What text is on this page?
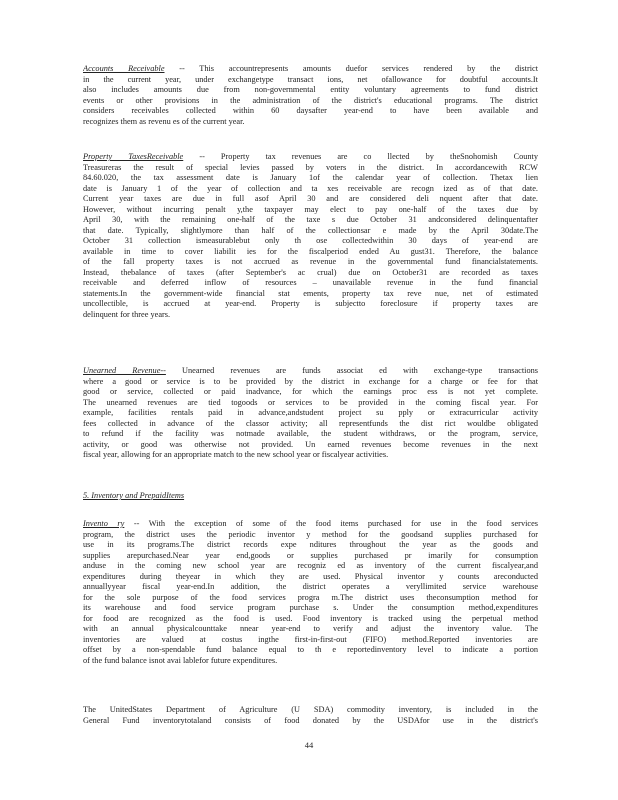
Accounts Receivable -- This accountrepresents amounts duefor services rendered by the district
in the current year, under exchangetype transact ions, net ofallowance for doubtful accounts.It
also includes amounts due from non-governmental entity voluntary agreements to fund district
events or other provisions in the administration of the district's educational programs. The district
considers receivables collected within 60 daysafter year-end to have been available and
recognizes them as revenu es of the current year.
Property TaxesReceivable -- Property tax revenues are co llected by theSnohomish County
Treasureras the result of special levies passed by voters in the district. In accordancewith RCW
84.60.020, the tax assessment date is January 1of the calendar year of collection. Thetax lien
date is January 1 of the year of collection and ta xes receivable are recogn ized as of that date.
Current year taxes are due in full asof April 30 and are considered deli nquent after that date.
However, without incurring penalt y,the taxpayer may elect to pay one-half of the taxes due by
April 30, with the remaining one-half of the taxe s due October 31 andconsidered delinquentafter
that date. Typically, slightlymore than half of the collectionsar e made by the April 30date.The
October 31 collection ismeasurablebut only th ose collectedwithin 30 days of year-end are
available in time to cover liabilit ies for the fiscalperiod ended Au gust31. Therefore, the balance
of the fall property taxes is not accrued as revenue in the governmental fund financialstatements.
Instead, thebalance of taxes (after September's ac crual) due on October31 are recorded as taxes
receivable and deferred inflow of resources – unavailable revenue in the fund financial
statements.In the government-wide financial stat ements, property tax reve nue, net of estimated
uncollectible, is accrued at year-end. Property is subjectto foreclosure if property taxes are
delinquent for three years.
Unearned Revenue-- Unearned revenues are funds associat ed with exchange-type transactions
where a good or service is to be provided by the district in exchange for a charge or fee for that
good or service, collected or paid inadvance, for which the earnings proc ess is not yet complete.
The unearned revenues are tied togoods or services to be provided in the coming fiscal year. For
example, facilities rentals paid in advance,andstudent project su pply or extracurricular activity
fees collected in advance of the classor activity; all representfunds the dist rict wouldbe obligated
to refund if the facility was notmade available, the student withdraws, or the program, service,
activity, or good was otherwise not provided. Un earned revenues become revenues in the next
fiscal year, allowing for an appropriate match to the new school year or fiscalyear activities.
5. Inventory and PrepaidItems
Invento ry -- With the exception of some of the food items purchased for use in the food services
program, the district uses the periodic inventor y method for the goodsand supplies purchased for
use in its programs.The district records expe nditures throughout the year as the goods and
supplies arepurchased.Near year end,goods or supplies purchased pr imarily for consumption
anduse in the coming new school year are recogniz ed as inventory of the current fiscalyear,and
expenditures during theyear in which they are used. Physical inventor y counts areconducted
annuallyyear fiscal year-end.In addition, the district operates a veryllimited service warehouse
for the sole purpose of the food services progra m.The district uses theconsumption method for
its warehouse and food service program purchase s. Under the consumption method,expenditures
for food are recognized as the food is used. Food inventory is tracked using the perpetual method
with an annual physicalcounttake nnear year-end to verify and adjust the inventory value. The
inventories are valued at costus ingthe first-in-first-out (FIFO) method.Reported inventories are
offset by a non-spendable fund balance equal to th e reportedinventory level to indicate a portion
of the fund balance isnot avai lablefor future expenditures.
The UnitedStates Department of Agriculture (U SDA) commodity inventory, is included in the
General Fund inventorytotaland consists of food donated by the USDAfor use in the district's
44
